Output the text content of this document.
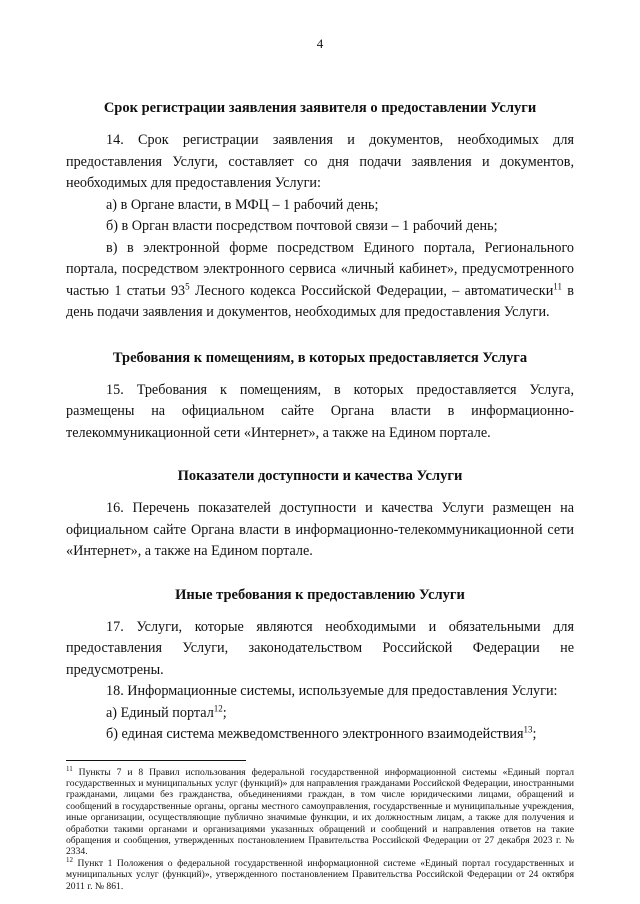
4
Срок регистрации заявления заявителя о предоставлении Услуги

14. Срок регистрации заявления и документов, необходимых для предоставления Услуги, составляет со дня подачи заявления и документов, необходимых для предоставления Услуги:

а) в Органе власти, в МФЦ – 1 рабочий день;

б) в Орган власти посредством почтовой связи – 1 рабочий день;

в) в электронной форме посредством Единого портала, Регионального портала, посредством электронного сервиса «личный кабинет», предусмотренного частью 1 статьи $93^5$ Лесного кодекса Российской Федерации, – автоматически$^{11}$ в день подачи заявления и документов, необходимых для предоставления Услуги.

Требования к помещениям, в которых предоставляется Услуга

15. Требования к помещениям, в которых предоставляется Услуга, размещены на официальном сайте Органа власти в информационно-телекоммуникационной сети «Интернет», а также на Едином портале.

Показатели доступности и качества Услуги

16. Перечень показателей доступности и качества Услуги размещен на официальном сайте Органа власти в информационно-телекоммуникационной сети «Интернет», а также на Едином портале.

Иные требования к предоставлению Услуги

17. Услуги, которые являются необходимыми и обязательными для предоставления Услуги, законодательством Российской Федерации не предусмотрены.

18. Информационные системы, используемые для предоставления Услуги:

а) Единый портал$^{12}$;

б) единая система межведомственного электронного взаимодействия$^{13}$;

$^{11}$ Пункты 7 и 8 Правил использования федеральной государственной информационной системы «Единый портал государственных и муниципальных услуг (функций)» для направления гражданами Российской Федерации, иностранными гражданами, лицами без гражданства, объединениями граждан, в том числе юридическими лицами, обращений и сообщений в государственные органы, органы местного самоуправления, государственные и муниципальные учреждения, иные организации, осуществляющие публично значимые функции, и их должностным лицам, а также для получения и обработки такими органами и организациями указанных обращений и сообщений и направления ответов на такие обращения и сообщения, утвержденных постановлением Правительства Российской Федерации от 27 декабря 2023 г. № 2334.

$^{12}$ Пункт 1 Положения о федеральной государственной информационной системе «Единый портал государственных и муниципальных услуг (функций)», утвержденного постановлением Правительства Российской Федерации от 24 октября 2011 г. № 861.
